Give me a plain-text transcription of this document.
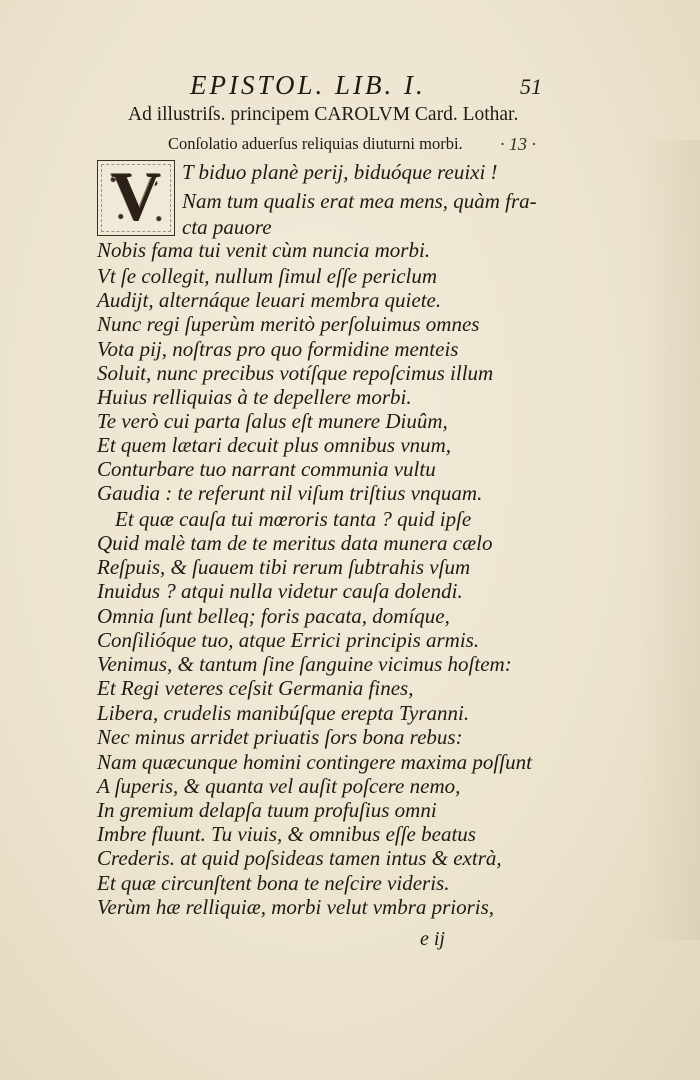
EPISTOL. LIB. I.	51
Ad illustriſs. principem CAROLVM Card. Lothar.
Conſolatio aduerſus reliquias diuturni morbi. · 13 ·
V T biduo planè perij, biduóque reuixi !
Nam tum qualis erat mea mens, quàm fra-
cta pauore
Nobis fama tui venit cùm nuncia morbi.
Vt ſe collegit, nullum ſimul eſſe periclum
Audijt, alternáque leuari membra quiete.
Nunc regi ſuperùm meritò perſoluimus omnes
Vota pij, noſtras pro quo formidine menteis
Soluit, nunc precibus votíſque repoſcimus illum
Huius relliquias à te depellere morbi.
Te verò cui parta ſalus eſt munere Diuûm,
Et quem lætari decuit plus omnibus vnum,
Conturbare tuo narrant communia vultu
Gaudia : te referunt nil viſum triſtius vnquam.
Et quæ cauſa tui mœroris tanta ? quid ipſe
Quid malè tam de te meritus data munera cælo
Reſpuis, & ſuauem tibi rerum ſubtrahis vſum
Inuidus ? atqui nulla videtur cauſa dolendi.
Omnia ſunt belleq; foris pacata, domíque,
Conſilióque tuo, atque Errici principis armis.
Venimus, & tantum ſine ſanguine vicimus hoſtem:
Et Regi veteres ceſsit Germania fines,
Libera, crudelis manibúſque erepta Tyranni.
Nec minus arridet priuatis ſors bona rebus:
Nam quæcunque homini contingere maxima poſſunt
A ſuperis, & quanta vel auſit poſcere nemo,
In gremium delapſa tuum profuſius omni
Imbre fluunt. Tu viuis, & omnibus eſſe beatus
Crederis. at quid poſsideas tamen intus & extrà,
Et quæ circunſtent bona te neſcire videris.
Verùm hæ relliquiæ, morbi velut vmbra prioris,
e ij
